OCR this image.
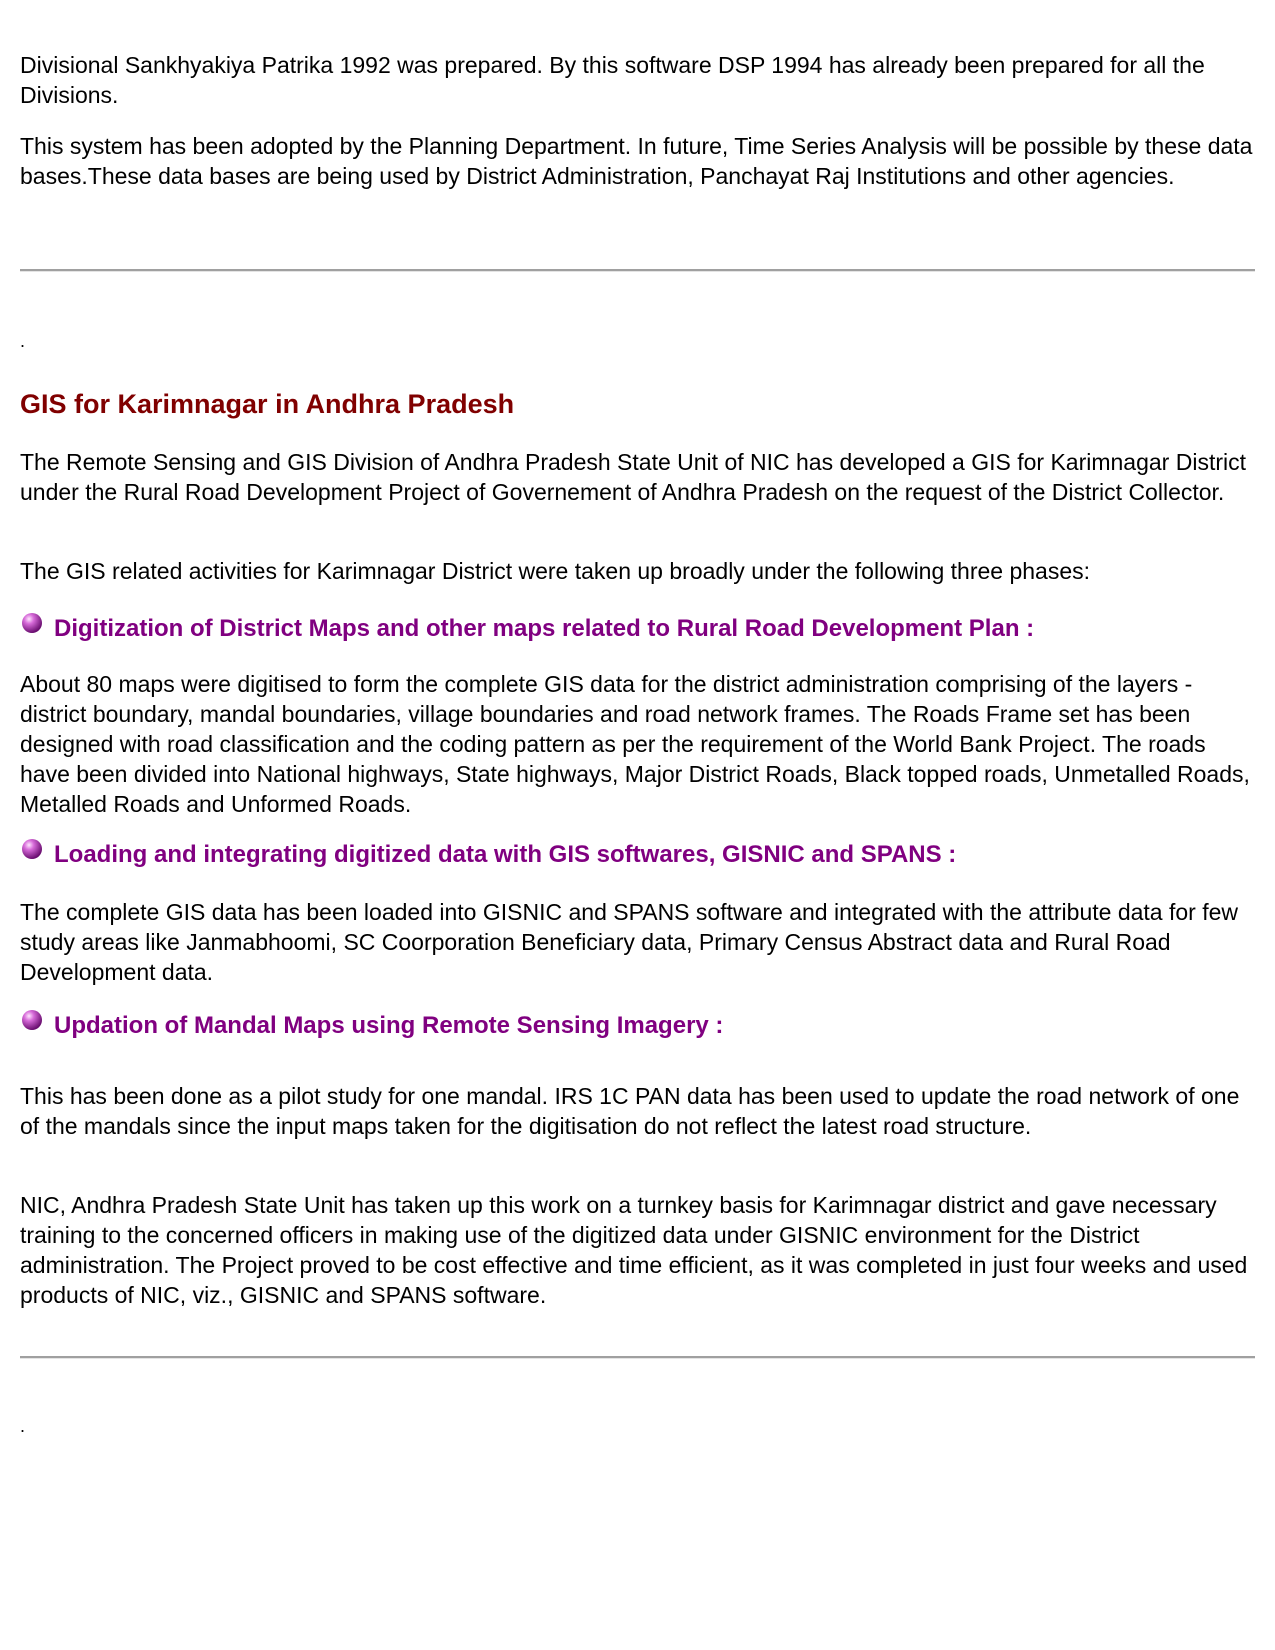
Divisional Sankhyakiya Patrika 1992 was prepared. By this software DSP 1994 has already been prepared for all the Divisions.

This system has been adopted by the Planning Department. In future, Time Series Analysis will be possible by these data bases.These data bases are being used by District Administration, Panchayat Raj Institutions and other agencies.

.
GIS for Karimnagar in Andhra Pradesh

The Remote Sensing and GIS Division of Andhra Pradesh State Unit of NIC has developed a GIS for Karimnagar District under the Rural Road Development Project of Governement of Andhra Pradesh on the request of the District Collector.

The GIS related activities for Karimnagar District were taken up broadly under the following three phases:

Digitization of District Maps and other maps related to Rural Road Development Plan :

About 80 maps were digitised to form the complete GIS data for the district administration comprising of the layers -district boundary, mandal boundaries, village boundaries and road network frames. The Roads Frame set has been designed with road classification and the coding pattern as per the requirement of the World Bank Project. The roads have been divided into National highways, State highways, Major District Roads, Black topped roads, Unmetalled Roads, Metalled Roads and Unformed Roads.

Loading and integrating digitized data with GIS softwares, GISNIC and SPANS :

The complete GIS data has been loaded into GISNIC and SPANS software and integrated with the attribute data for few study areas like Janmabhoomi, SC Coorporation Beneficiary data, Primary Census Abstract data and Rural Road Development data.

Updation of Mandal Maps using Remote Sensing Imagery :

This has been done as a pilot study for one mandal. IRS 1C PAN data has been used to update the road network of one of the mandals since the input maps taken for the digitisation do not reflect the latest road structure.

NIC, Andhra Pradesh State Unit has taken up this work on a turnkey basis for Karimnagar district and gave necessary training to the concerned officers in making use of the digitized data under GISNIC environment for the District administration. The Project proved to be cost effective and time efficient, as it was completed in just four weeks and used products of NIC, viz., GISNIC and SPANS software.

.
